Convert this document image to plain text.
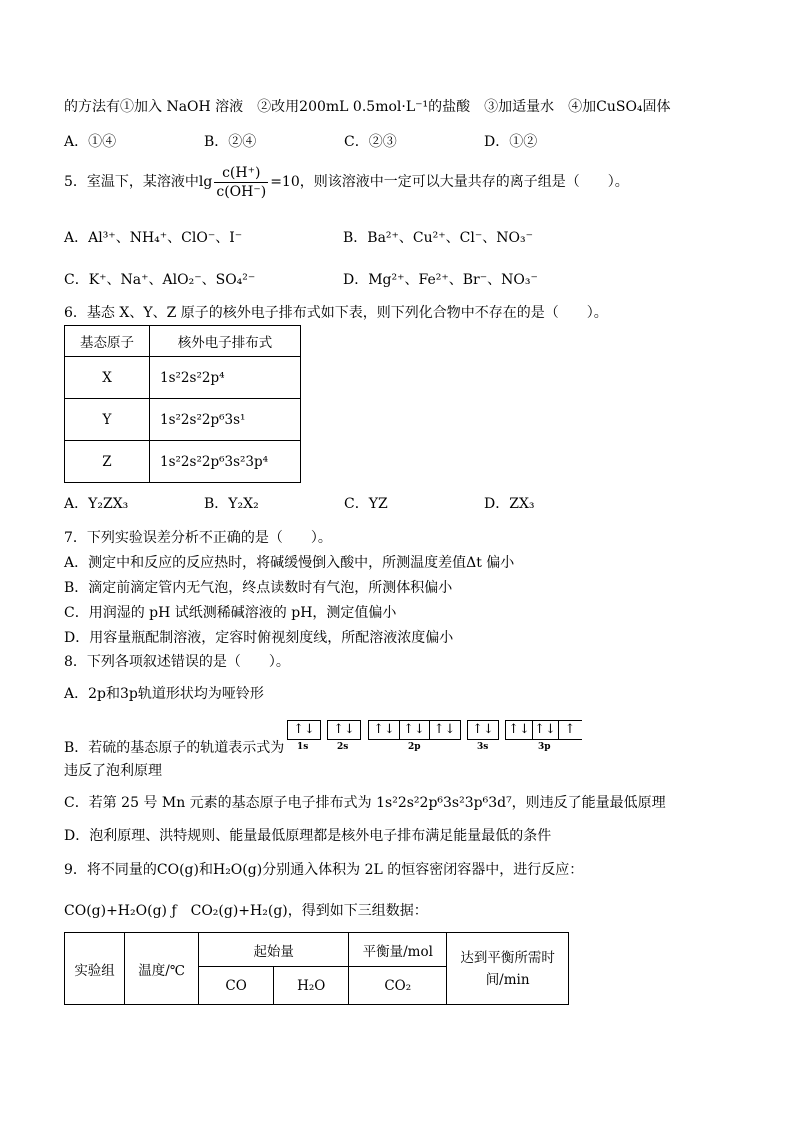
的方法有①加入 NaOH 溶液　②改用200mL 0.5mol·L⁻¹的盐酸　③加适量水　④加CuSO₄固体
A．①④	B．②④	C．②③	D．①②
5．室温下，某溶液中$\lg \frac{c(H^+)}{c(OH^-)} =10$，则该溶液中一定可以大量共存的离子组是（　　）。
A．Al³⁺、NH₄⁺、ClO⁻、I⁻	B．Ba²⁺、Cu²⁺、Cl⁻、NO₃⁻
C．K⁺、Na⁺、AlO₂⁻、SO₄²⁻	D．Mg²⁺、Fe²⁺、Br⁻、NO₃⁻
6．基态 X、Y、Z 原子的核外电子排布式如下表，则下列化合物中不存在的是（　　）。
基态原子	核外电子排布式
X	1s²2s²2p⁴
Y	1s²2s²2p⁶3s¹
Z	1s²2s²2p⁶3s²3p⁴
A．Y₂ZX₃	B．Y₂X₂	C．YZ	D．ZX₃
7．下列实验误差分析不正确的是（　　）。
A．测定中和反应的反应热时，将碱缓慢倒入酸中，所测温度差值Δt 偏小
B．滴定前滴定管内无气泡，终点读数时有气泡，所测体积偏小
C．用润湿的 pH 试纸测稀碱溶液的 pH，测定值偏小
D．用容量瓶配制溶液，定容时俯视刻度线，所配溶液浓度偏小
8．下列各项叙述错误的是（　　）。
A．2p和3p轨道形状均为哑铃形
B．若硫的基态原子的轨道表示式为
↑↓
1s
↑↓
2s
↑↓ ↑↓ ↑↓
2p
↑↓
3s
↑↓ ↑↓ ↑
3p
违反了泡利原理
C．若第 25 号 Mn 元素的基态原子电子排布式为 1s²2s²2p⁶3s²3p⁶3d⁷，则违反了能量最低原理
D．泡利原理、洪特规则、能量最低原理都是核外电子排布满足能量最低的条件
9．将不同量的CO(g)和H₂O(g)分别通入体积为 2L 的恒容密闭容器中，进行反应：
CO(g)+H₂O(g) ƒ　CO₂(g)+H₂(g)，得到如下三组数据：
实验组	温度/℃	起始量		平衡量/mol	达到平衡所需时间/min
		CO	H₂O	CO₂	
